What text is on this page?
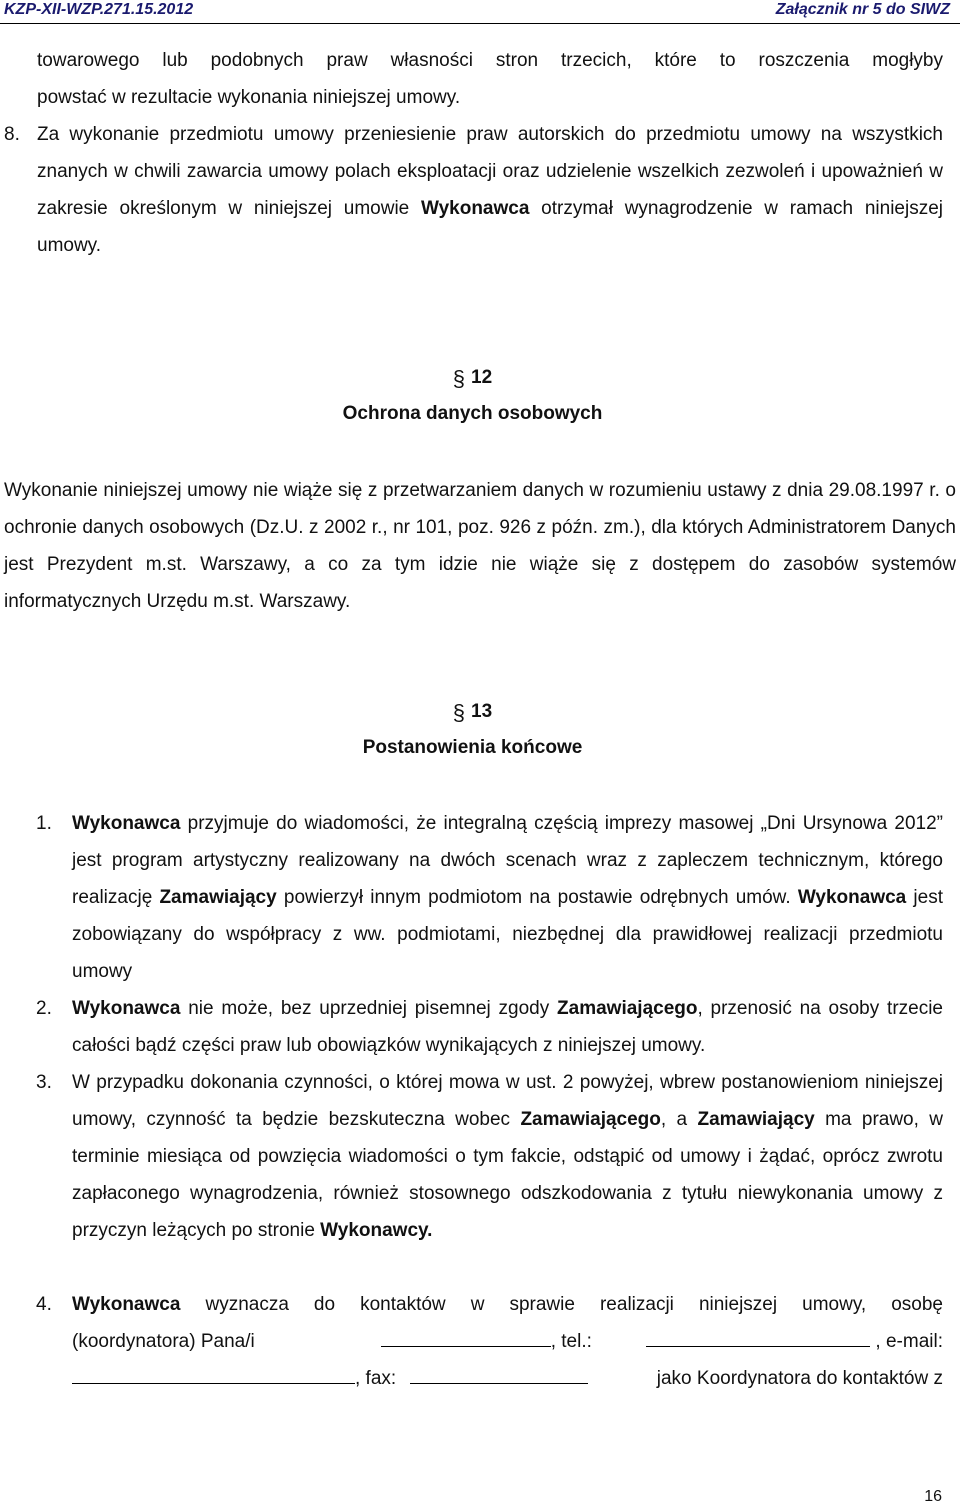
KZP-XII-WZP.271.15.2012	Załącznik nr 5 do SIWZ
towarowego lub podobnych praw własności stron trzecich, które to roszczenia mogłyby
powstać w rezultacie wykonania niniejszej umowy.
8. Za wykonanie przedmiotu umowy przeniesienie praw autorskich do przedmiotu umowy na wszystkich znanych w chwili zawarcia umowy polach eksploatacji oraz udzielenie wszelkich zezwoleń i upoważnień w zakresie określonym w niniejszej umowie Wykonawca otrzymał wynagrodzenie w ramach niniejszej umowy.
§ 12
Ochrona danych osobowych
Wykonanie niniejszej umowy nie wiąże się z przetwarzaniem danych w rozumieniu ustawy z dnia 29.08.1997 r. o ochronie danych osobowych (Dz.U. z 2002 r., nr 101, poz. 926 z późn. zm.), dla których Administratorem Danych jest Prezydent m.st. Warszawy, a co za tym idzie nie wiąże się z dostępem do zasobów systemów informatycznych Urzędu m.st. Warszawy.
§ 13
Postanowienia końcowe
1.	Wykonawca przyjmuje do wiadomości, że integralną częścią imprezy masowej „Dni Ursynowa 2012” jest program artystyczny realizowany na dwóch scenach wraz z zapleczem technicznym, którego realizację Zamawiający powierzył innym podmiotom na postawie odrębnych umów. Wykonawca jest zobowiązany do współpracy z ww. podmiotami, niezbędnej dla prawidłowej realizacji przedmiotu umowy
2.	Wykonawca nie może, bez uprzedniej pisemnej zgody Zamawiającego, przenosić na osoby trzecie całości bądź części praw lub obowiązków wynikających z niniejszej umowy.
3.	W przypadku dokonania czynności, o której mowa w ust. 2 powyżej, wbrew postanowieniom niniejszej umowy, czynność ta będzie bezskuteczna wobec Zamawiającego, a Zamawiający ma prawo, w terminie miesiąca od powzięcia wiadomości o tym fakcie, odstąpić od umowy i żądać, oprócz zwrotu zapłaconego wynagrodzenia, również stosownego odszkodowania z tytułu niewykonania umowy z przyczyn leżących po stronie Wykonawcy.
4.	Wykonawca wyznacza do kontaktów w sprawie realizacji niniejszej umowy, osobę
(koordynatora) Pana/i	, tel.:	, e-mail:
, fax:	jako Koordynatora do kontaktów z
16
